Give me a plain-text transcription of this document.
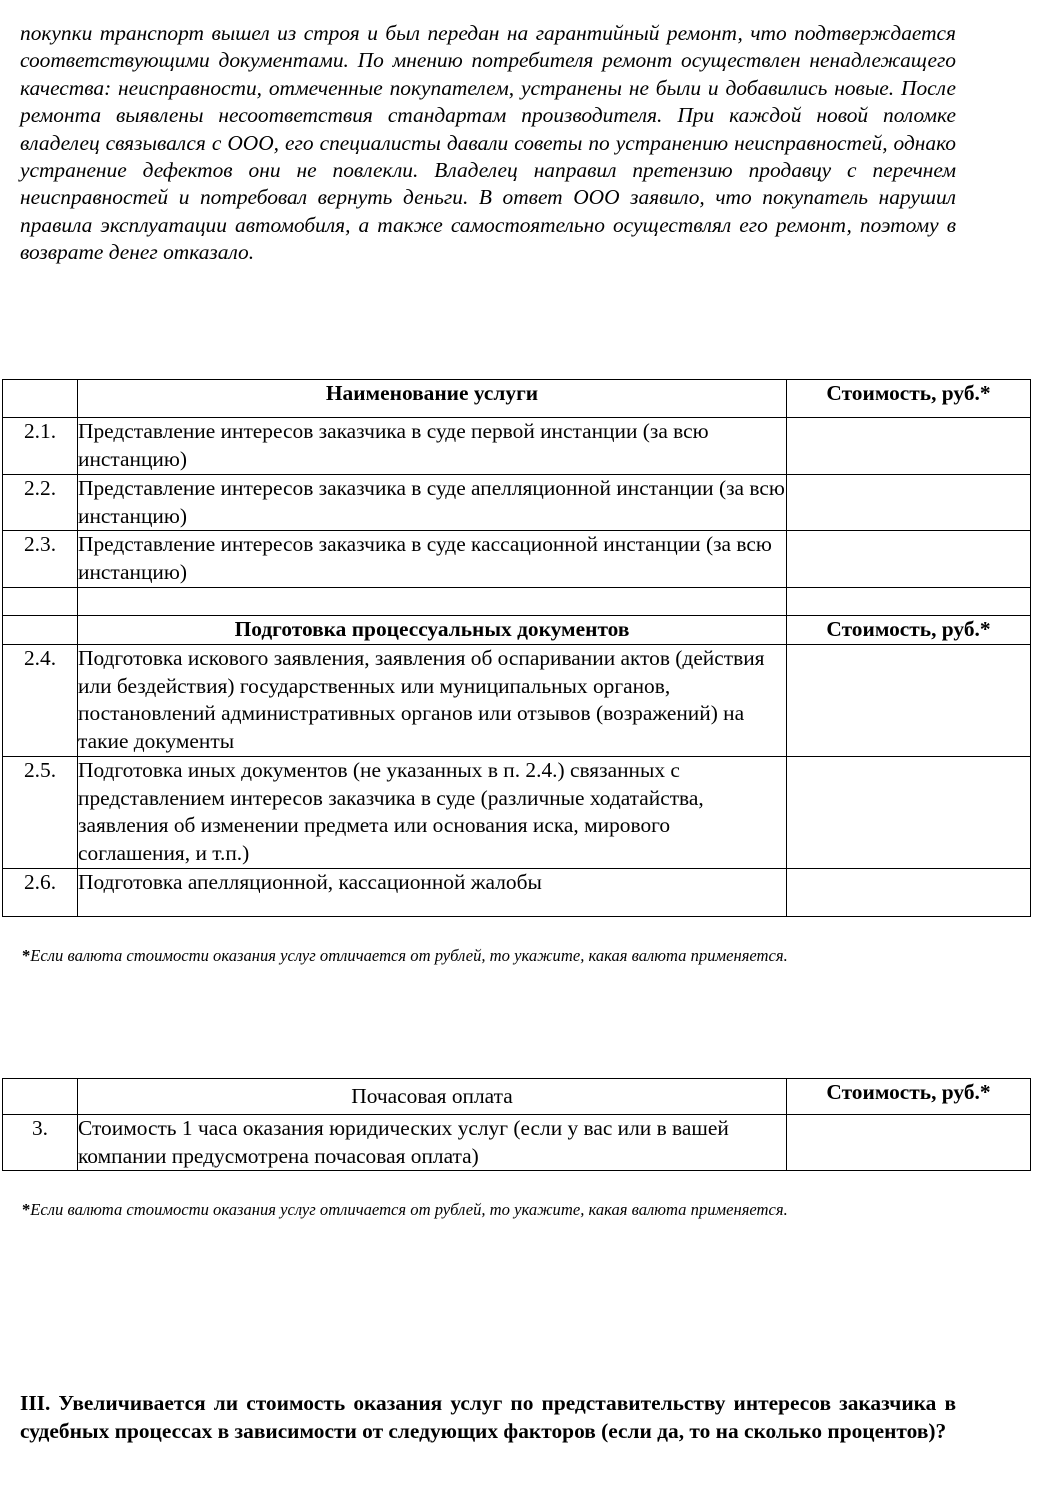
покупки транспорт вышел из строя и был передан на гарантийный ремонт, что подтверждается соответствующими документами. По мнению потребителя ремонт осуществлен ненадлежащего качества: неисправности, отмеченные покупателем, устранены не были и добавились новые. После ремонта выявлены несоответствия стандартам производителя. При каждой новой поломке владелец связывался с ООО, его специалисты давали советы по устранению неисправностей, однако устранение дефектов они не повлекли. Владелец направил претензию продавцу с перечнем неисправностей и потребовал вернуть деньги. В ответ ООО заявило, что покупатель нарушил правила эксплуатации автомобиля, а также самостоятельно осуществлял его ремонт, поэтому в возврате денег отказало.

	Наименование услуги	Стоимость, руб.*
2.1.	Представление интересов заказчика в суде первой инстанции (за всю инстанцию)	
2.2.	Представление интересов заказчика в суде апелляционной инстанции (за всю инстанцию)	
2.3.	Представление интересов заказчика в суде кассационной инстанции (за всю инстанцию)	

	Подготовка процессуальных документов	Стоимость, руб.*
2.4.	Подготовка искового заявления, заявления об оспаривании актов (действия или бездействия) государственных или муниципальных органов, постановлений административных органов или отзывов (возражений) на такие документы	
2.5.	Подготовка иных документов (не указанных в п. 2.4.) связанных с представлением интересов заказчика в суде (различные ходатайства, заявления об изменении предмета или основания иска, мирового соглашения, и т.п.)	
2.6.	Подготовка апелляционной, кассационной жалобы	

*Если валюта стоимости оказания услуг отличается от рублей, то укажите, какая валюта применяется.

	Почасовая оплата	Стоимость, руб.*
3.	Стоимость 1 часа оказания юридических услуг (если у вас или в вашей компании предусмотрена почасовая оплата)	

*Если валюта стоимости оказания услуг отличается от рублей, то укажите, какая валюта применяется.

III. Увеличивается ли стоимость оказания услуг по представительству интересов заказчика в судебных процессах в зависимости от следующих факторов (если да, то на сколько процентов)?
